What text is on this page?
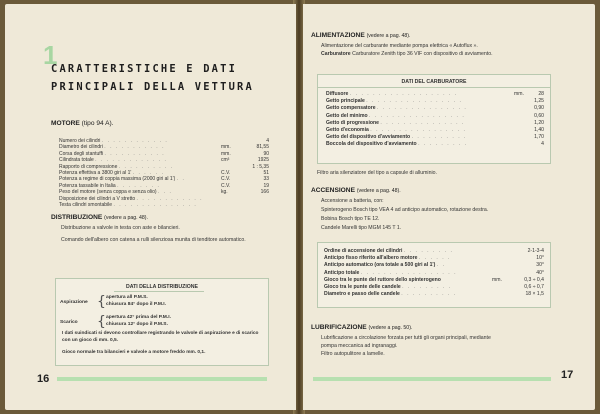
1
CARATTERISTICHE E DATI
PRINCIPALI DELLA VETTURA
MOTORE (tipo 94 A).
Numero dei cilindri . . . . . . . . . . . .	4
Diametro dei cilindri . . . . . . . . . . .	mm.	81,55
Corsa degli stantuffi . . . . . . . . . . .	mm.	90
Cilindrata totale . . . . . . . . . . . . .	cm³	1925
Rapporto di compressione . . . . . . . . . .	1 : 5,35
Potenza effettiva a 3800 giri al 1' . . . . . .	C.V.	51
Potenza a regime di coppia massima (2000 giri al 1') . .	C.V.	33
Potenza tassabile in Italia . . . . . . . .	C.V.	19
Peso del motore (senza coppa e senza olio) . . .	kg.	166
Disposizione dei cilindri a V stretto . . . . . . . . . . . .
Testa cilindri smontabile . . . . . . . . . . . . . . .
DISTRIBUZIONE (vedere a pag. 48).
Distribuzione a valvole in testa con aste e bilancieri.
Comando dell'albero con catena a rulli silenziosa munita di tenditore automatico.
DATI DELLA DISTRIBUZIONE
Aspirazione { apertura all P.M.S.
chiusura 84° dopo il P.M.I.
Scarico { apertura 42° prima del P.M.I.
chiusura 12° dopo il P.M.S.
I dati suindicati si devono controllare registrando le valvole di aspirazione e di scarico con un gioco di mm. 0,5.
Gioco normale tra bilancieri e valvole a motore freddo mm. 0,1.
16
ALIMENTAZIONE (vedere a pag. 48).
Alimentazione del carburante mediante pompa elettrica « Autoflux ».
Carburatore Carburatore Zenith tipo 36 VIF con dispositivo di avviamento.
DATI DEL CARBURATORE
Diffusore . . . . . . . . . . . . . . . . . . .	mm.	28
Getto principale . . . . . . . . . . . . . . . . .	1,25
Getto compensatore . . . . . . . . . . . . . . . .	0,90
Getto del minimo . . . . . . . . . . . . . . . . .	0,60
Getto di progressione . . . . . . . . . . . . . . .	1,20
Getto d'economia . . . . . . . . . . . . . . . . .	1,40
Getto del dispositivo d'avviamento . . . . . . . . . .	1,70
Boccola del dispositivo d'avviamento . . . . . . . . .	4
Filtro aria silenziatore del tipo a capsule di alluminio.
ACCENSIONE (vedere a pag. 48).
Accensione a batteria, con:
Spinterogeno Bosch tipo VEA 4 ad anticipo automatico, rotazione destra.
Bobina Bosch tipo TE 12.
Candele Marelli tipo MGM 145 T 1.
Ordine di accensione dei cilindri . . . . . . . . .	2-1-3-4
Anticipo fisso riferito all'albero motore . . . . . .	10°
Anticipo automatico (ora totale a 500 giri al 1') . .	30°
Anticipo totale . . . . . . . . . . . . . . . . .	40°
Gioco tra le punte del ruttore dello spinterogeno	mm.	0,3 ÷ 0,4
Gioco tra le punte delle candele . . . . . . . . .	0,6 ÷ 0,7
Diametro e passo delle candele . . . . . . . . . .	18 × 1,5
LUBRIFICAZIONE (vedere a pag. 50).
Lubrificazione a circolazione forzata per tutti gli organi principali, mediante
pompa meccanica ad ingranaggi.
Filtro autopulitore a lamelle.
17
